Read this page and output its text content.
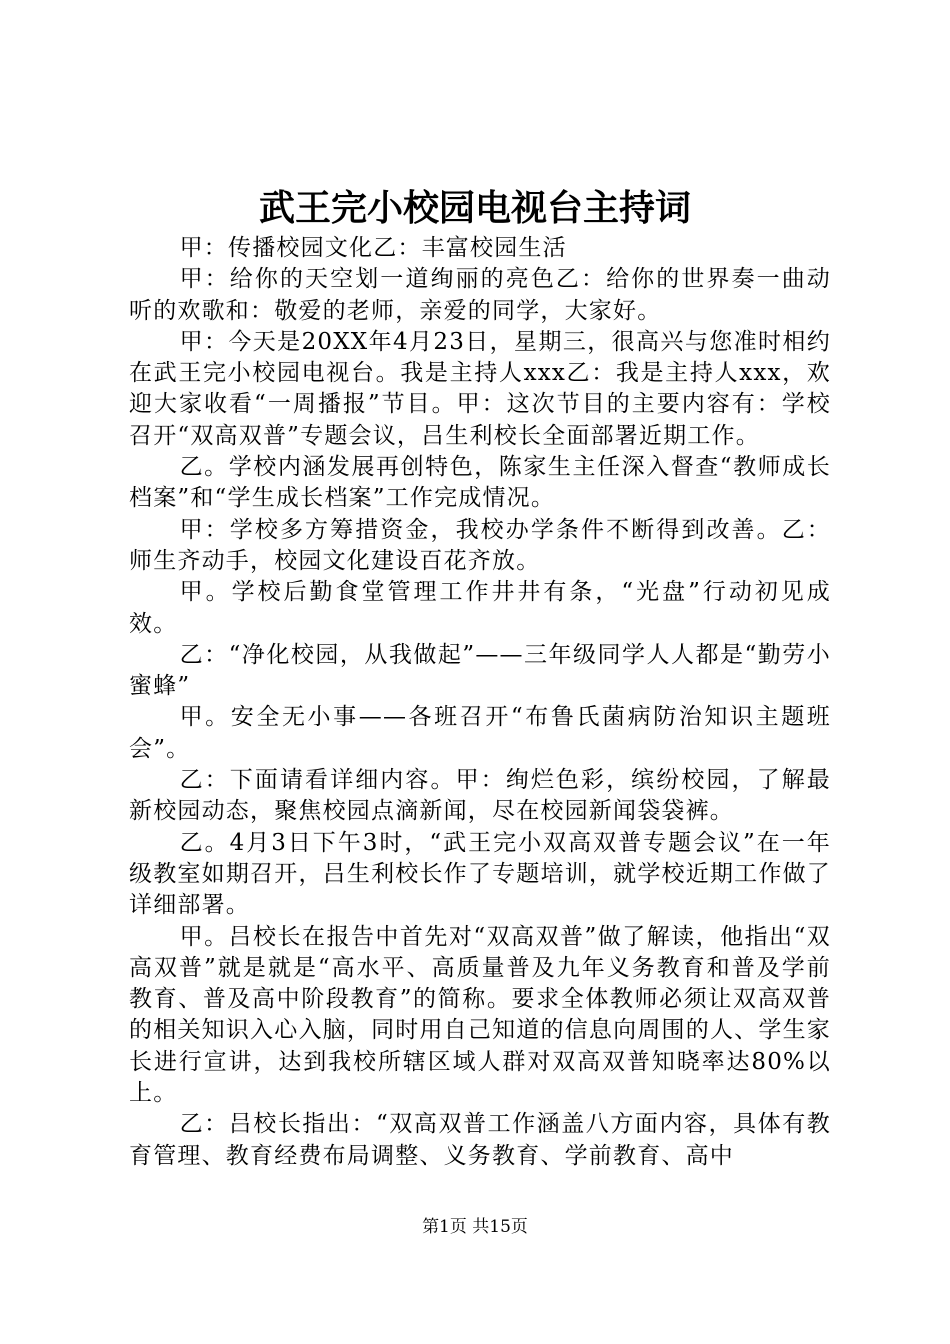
武王完小校园电视台主持词

甲：传播校园文化乙：丰富校园生活

甲：给你的天空划一道绚丽的亮色乙：给你的世界奏一曲动听的欢歌和：敬爱的老师，亲爱的同学，大家好。

甲：今天是20XX年4月23日，星期三，很高兴与您准时相约在武王完小校园电视台。我是主持人xxx乙：我是主持人xxx，欢迎大家收看“一周播报”节目。甲：这次节目的主要内容有：学校召开“双高双普”专题会议，吕生利校长全面部署近期工作。

乙。学校内涵发展再创特色，陈家生主任深入督查“教师成长档案”和“学生成长档案”工作完成情况。

甲：学校多方筹措资金，我校办学条件不断得到改善。乙：师生齐动手，校园文化建设百花齐放。

甲。学校后勤食堂管理工作井井有条，“光盘”行动初见成效。

乙：“净化校园，从我做起”——三年级同学人人都是“勤劳小蜜蜂”

甲。安全无小事——各班召开“布鲁氏菌病防治知识主题班会”。

乙：下面请看详细内容。甲：绚烂色彩，缤纷校园，了解最新校园动态，聚焦校园点滴新闻，尽在校园新闻袋袋裤。

乙。4月3日下午3时，“武王完小双高双普专题会议”在一年级教室如期召开，吕生利校长作了专题培训，就学校近期工作做了详细部署。

甲。吕校长在报告中首先对“双高双普”做了解读，他指出“双高双普”就是就是“高水平、高质量普及九年义务教育和普及学前教育、普及高中阶段教育”的简称。要求全体教师必须让双高双普的相关知识入心入脑，同时用自己知道的信息向周围的人、学生家长进行宣讲，达到我校所辖区域人群对双高双普知晓率达80%以上。

乙：吕校长指出：“双高双普工作涵盖八方面内容，具体有教育管理、教育经费布局调整、义务教育、学前教育、高中

第1页 共15页
